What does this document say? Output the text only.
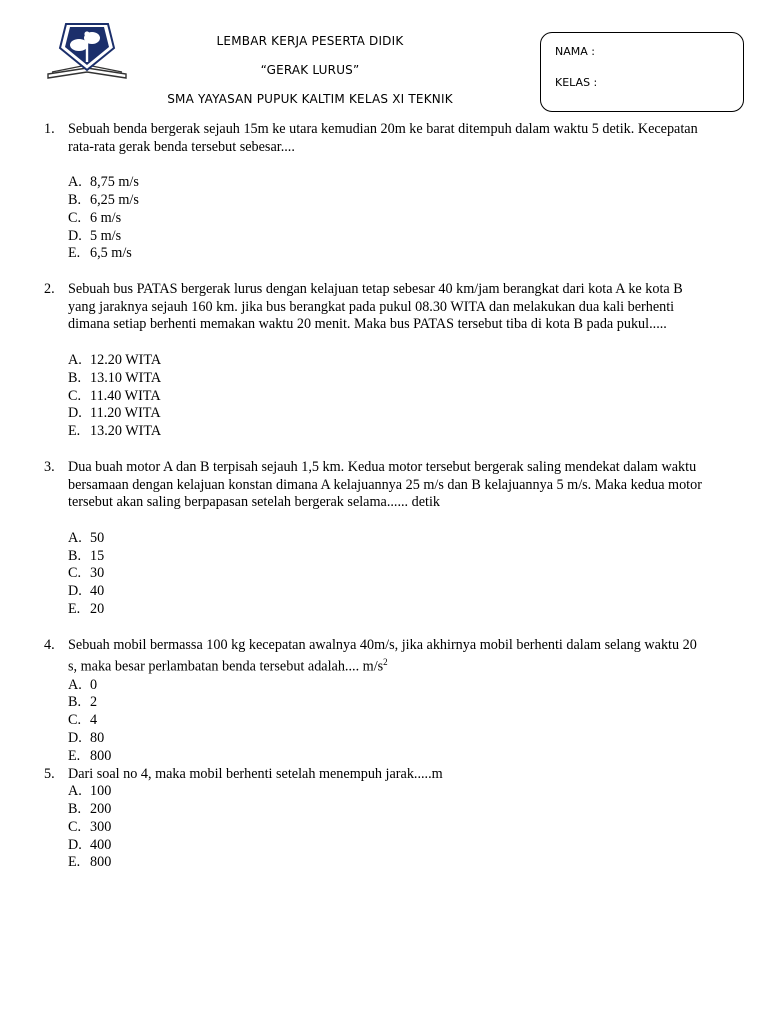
LEMBAR KERJA PESERTA DIDIK
“GERAK LURUS”
SMA YAYASAN PUPUK KALTIM KELAS XI TEKNIK
NAMA :
KELAS :
1. Sebuah benda bergerak sejauh 15m ke utara kemudian 20m ke barat ditempuh dalam waktu 5 detik. Kecepatan rata-rata gerak benda tersebut sebesar....
A. 8,75 m/s
B. 6,25 m/s
C. 6 m/s
D. 5 m/s
E. 6,5 m/s
2. Sebuah bus PATAS bergerak lurus dengan kelajuan tetap sebesar 40 km/jam berangkat dari kota A ke kota B yang jaraknya sejauh 160 km. jika bus berangkat pada pukul 08.30 WITA dan melakukan dua kali berhenti dimana setiap berhenti memakan waktu 20 menit. Maka bus PATAS tersebut tiba di kota B pada pukul.....
A. 12.20 WITA
B. 13.10 WITA
C. 11.40 WITA
D. 11.20 WITA
E. 13.20 WITA
3. Dua buah motor A dan B terpisah sejauh 1,5 km. Kedua motor tersebut bergerak saling mendekat dalam waktu bersamaan dengan kelajuan konstan dimana A kelajuannya 25 m/s dan B kelajuannya 5 m/s. Maka kedua motor tersebut akan saling berpapasan setelah bergerak selama...... detik
A. 50
B. 15
C. 30
D. 40
E. 20
4. Sebuah mobil bermassa 100 kg kecepatan awalnya 40m/s, jika akhirnya mobil berhenti dalam selang waktu 20 s, maka besar perlambatan benda tersebut adalah.... $m/s^2$
A. 0
B. 2
C. 4
D. 80
E. 800
5. Dari soal no 4, maka mobil berhenti setelah menempuh jarak.....m
A. 100
B. 200
C. 300
D. 400
E. 800
